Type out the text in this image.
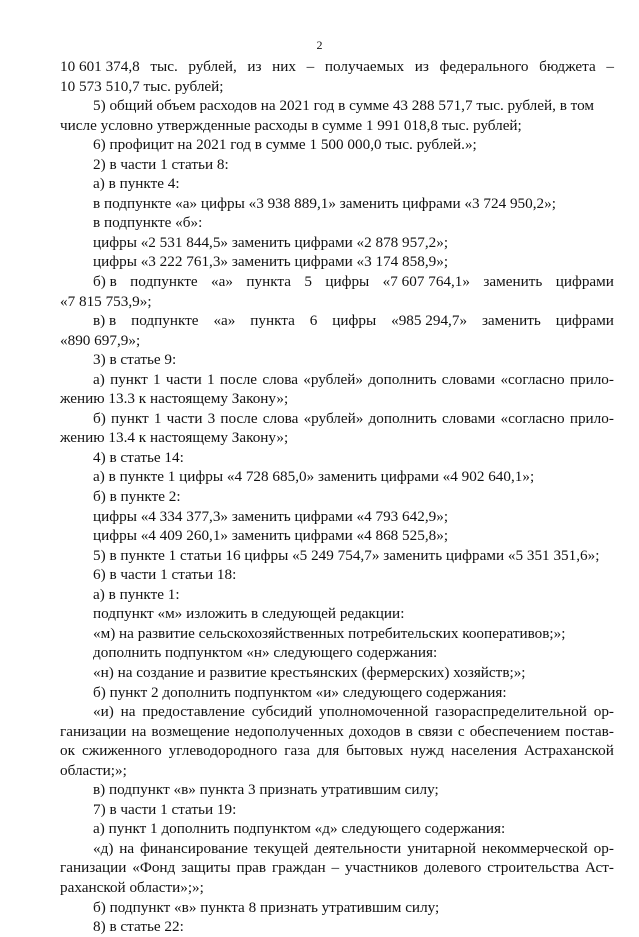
2
10 601 374,8 тыс. рублей, из них – получаемых из федерального бюджета –
10 573 510,7 тыс. рублей;
5) общий объем расходов на 2021 год в сумме 43 288 571,7 тыс. рублей, в том
числе условно утвержденные расходы в сумме 1 991 018,8 тыс. рублей;
6) профицит на 2021 год в сумме 1 500 000,0 тыс. рублей.»;
2) в части 1 статьи 8:
а) в пункте 4:
в подпункте «а» цифры «3 938 889,1» заменить цифрами «3 724 950,2»;
в подпункте «б»:
цифры «2 531 844,5» заменить цифрами «2 878 957,2»;
цифры «3 222 761,3» заменить цифрами «3 174 858,9»;
б) в подпункте «а» пункта 5 цифры «7 607 764,1» заменить цифрами
«7 815 753,9»;
в) в подпункте «а» пункта 6 цифры «985 294,7» заменить цифрами
«890 697,9»;
3) в статье 9:
а) пункт 1 части 1 после слова «рублей» дополнить словами «согласно прило-
жению 13.3 к настоящему Закону»;
б) пункт 1 части 3 после слова «рублей» дополнить словами «согласно прило-
жению 13.4 к настоящему Закону»;
4) в статье 14:
а) в пункте 1 цифры «4 728 685,0» заменить цифрами «4 902 640,1»;
б) в пункте 2:
цифры «4 334 377,3» заменить цифрами «4 793 642,9»;
цифры «4 409 260,1» заменить цифрами «4 868 525,8»;
5) в пункте 1 статьи 16 цифры «5 249 754,7» заменить цифрами «5 351 351,6»;
6) в части 1 статьи 18:
а) в пункте 1:
подпункт «м» изложить в следующей редакции:
«м) на развитие сельскохозяйственных потребительских кооперативов;»;
дополнить подпунктом «н» следующего содержания:
«н) на создание и развитие крестьянских (фермерских) хозяйств;»;
б) пункт 2 дополнить подпунктом «и» следующего содержания:
«и) на предоставление субсидий уполномоченной газораспределительной ор-
ганизации на возмещение недополученных доходов в связи с обеспечением постав-
ок сжиженного углеводородного газа для бытовых нужд населения Астраханской
области;»;
в) подпункт «в» пункта 3 признать утратившим силу;
7) в части 1 статьи 19:
а) пункт 1 дополнить подпунктом «д» следующего содержания:
«д) на финансирование текущей деятельности унитарной некоммерческой ор-
ганизации «Фонд защиты прав граждан – участников долевого строительства Аст-
раханской области»;»;
б) подпункт «в» пункта 8 признать утратившим силу;
8) в статье 22:
